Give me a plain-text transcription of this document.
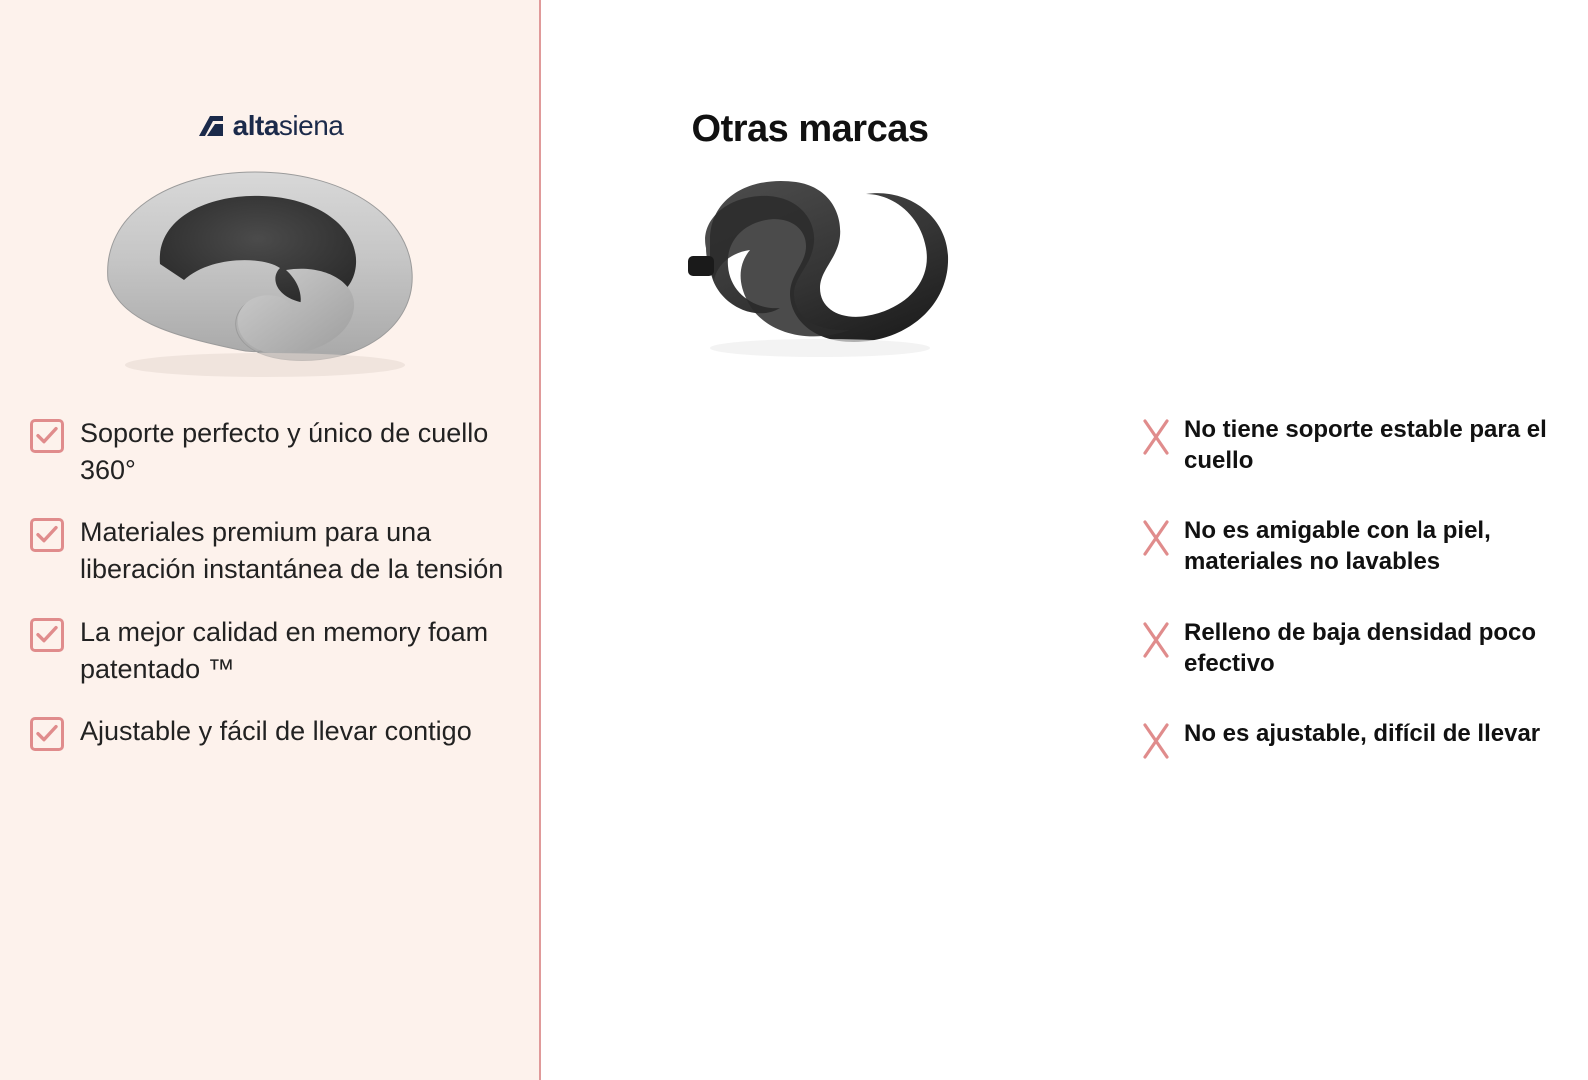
altasiena
Soporte perfecto y único de cuello 360°
Materiales premium para una liberación instantánea de la tensión
La mejor calidad en memory foam patentado ™
Ajustable y fácil de llevar contigo
Otras marcas
No tiene soporte estable para el cuello
No es amigable con la piel, materiales no lavables
Relleno de baja densidad poco efectivo
No es ajustable, difícil de llevar
